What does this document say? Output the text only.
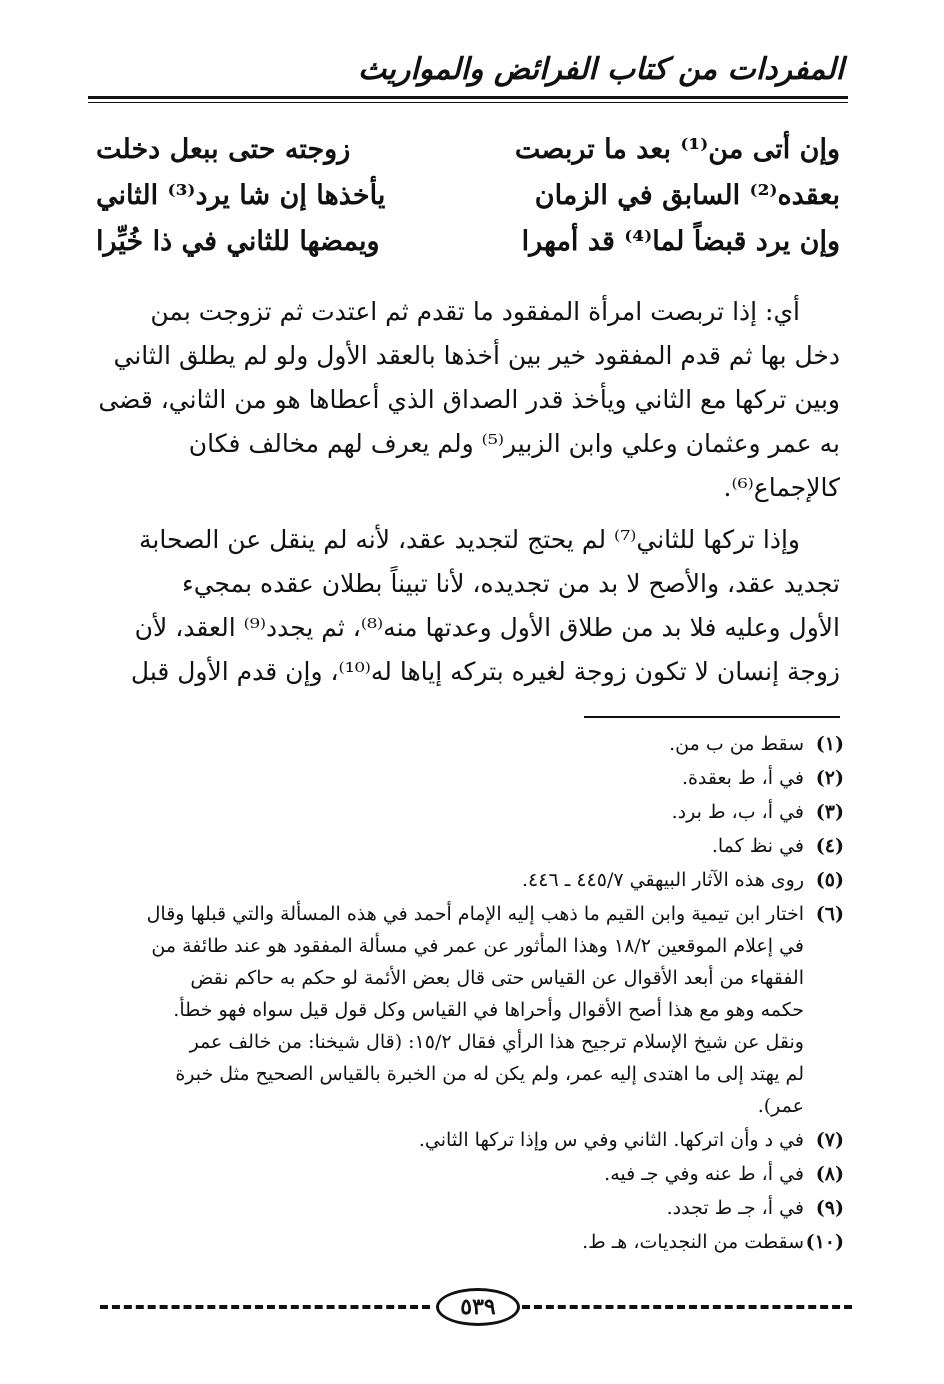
المفردات من كتاب الفرائض والمواريث
وإن أتى من⁽¹⁾ بعد ما تربصت
زوجته حتى ببعل دخلت
بعقده⁽²⁾ السابق في الزمان
يأخذها إن شا يرد⁽³⁾ الثاني
وإن يرد قبضاً لما⁽⁴⁾ قد أمهرا
ويمضها للثاني في ذا خُيِّرا
أي: إذا تربصت امرأة المفقود ما تقدم ثم اعتدت ثم تزوجت بمن
دخل بها ثم قدم المفقود خير بين أخذها بالعقد الأول ولو لم يطلق الثاني
وبين تركها مع الثاني ويأخذ قدر الصداق الذي أعطاها هو من الثاني، قضى
به عمر وعثمان وعلي وابن الزبير⁽⁵⁾ ولم يعرف لهم مخالف فكان
كالإجماع⁽⁶⁾.
وإذا تركها للثاني⁽⁷⁾ لم يحتج لتجديد عقد، لأنه لم ينقل عن الصحابة
تجديد عقد، والأصح لا بد من تجديده، لأنا تبيناً بطلان عقده بمجيء
الأول وعليه فلا بد من طلاق الأول وعدتها منه⁽⁸⁾، ثم يجدد⁽⁹⁾ العقد، لأن
زوجة إنسان لا تكون زوجة لغيره بتركه إياها له⁽¹⁰⁾، وإن قدم الأول قبل
(١)
سقط من ب من.
(٢)
في أ، ط بعقدة.
(٣)
في أ، ب، ط برد.
(٤)
في نظ كما.
(٥)
روى هذه الآثار البيهقي ٤٤٥/٧ ـ ٤٤٦.
(٦)
اختار ابن تيمية وابن القيم ما ذهب إليه الإمام أحمد في هذه المسألة والتي قبلها وقال
في إعلام الموقعين ١٨/٢ وهذا المأثور عن عمر في مسألة المفقود هو عند طائفة من
الفقهاء من أبعد الأقوال عن القياس حتى قال بعض الأئمة لو حكم به حاكم نقض
حكمه وهو مع هذا أصح الأقوال وأحراها في القياس وكل قول قيل سواه فهو خطأ.
ونقل عن شيخ الإسلام ترجيح هذا الرأي فقال ١٥/٢: (قال شيخنا: من خالف عمر
لم يهتد إلى ما اهتدى إليه عمر، ولم يكن له من الخبرة بالقياس الصحيح مثل خبرة
عمر).
(٧)
في د وأن اتركها. الثاني وفي س وإذا تركها الثاني.
(٨)
في أ، ط عنه وفي جـ فيه.
(٩)
في أ، جـ ط تجدد.
(١٠)
سقطت من النجديات، هـ ط.
٥٣٩
